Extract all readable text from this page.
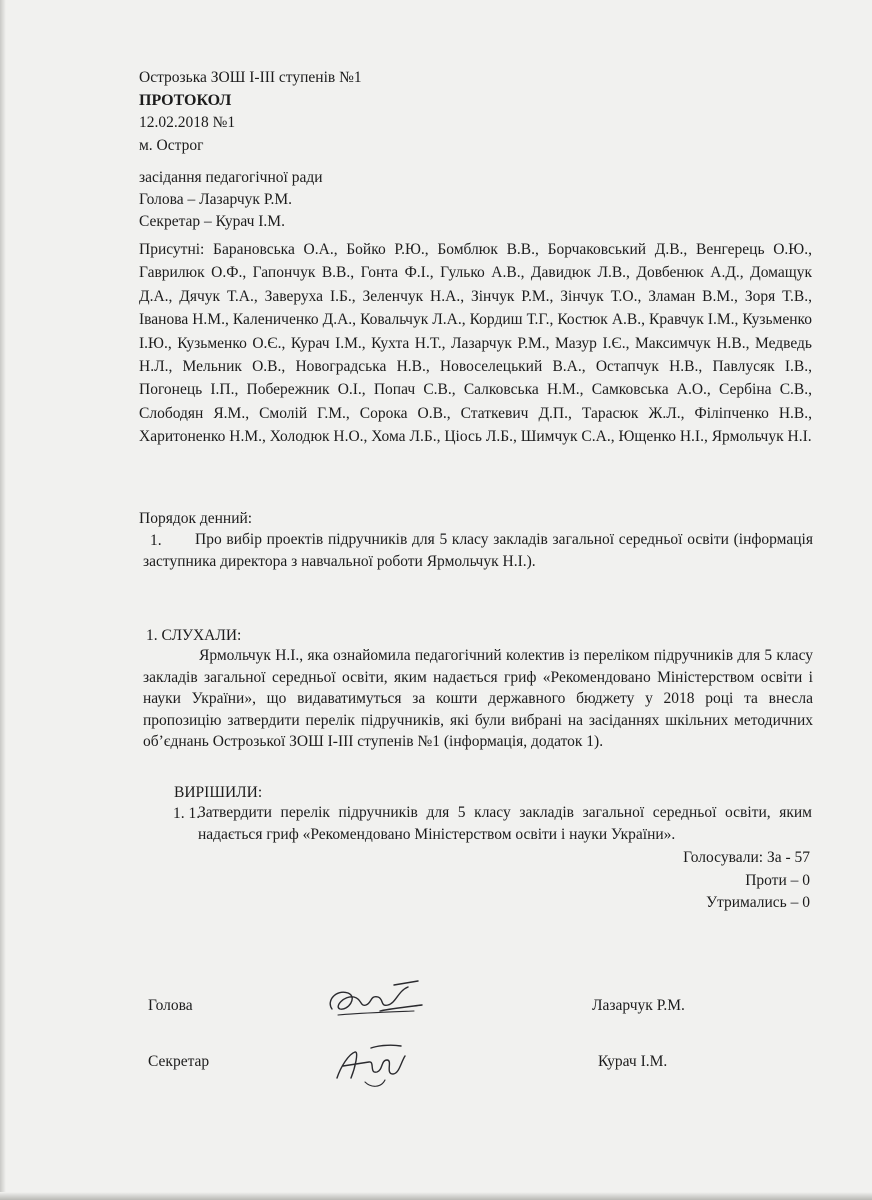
Острозька ЗОШ І-ІІІ ступенів №1
ПРОТОКОЛ
12.02.2018 №1
м. Острог
засідання педагогічної ради
Голова – Лазарчук Р.М.
Секретар – Курач І.М.
Присутні: Барановська О.А., Бойко Р.Ю., Бомблюк В.В., Борчаковський Д.В., Венгерець О.Ю., Гаврилюк О.Ф., Гапончук В.В., Гонта Ф.І., Гулько А.В., Давидюк Л.В., Довбенюк А.Д., Домащук Д.А., Дячук Т.А., Заверуха І.Б., Зеленчук Н.А., Зінчук Р.М., Зінчук Т.О., Зламан В.М., Зоря Т.В., Іванова Н.М., Калениченко Д.А., Ковальчук Л.А., Кордиш Т.Г., Костюк А.В., Кравчук І.М., Кузьменко І.Ю., Кузьменко О.Є., Курач І.М., Кухта Н.Т., Лазарчук Р.М., Мазур І.Є., Максимчук Н.В., Медведь Н.Л., Мельник О.В., Новоградська Н.В., Новоселецький В.А., Остапчук Н.В., Павлусяк І.В., Погонець І.П., Побережник О.І., Попач С.В., Салковська Н.М., Самковська А.О., Сербіна С.В., Слободян Я.М., Смолій Г.М., Сорока О.В., Статкевич Д.П., Тарасюк Ж.Л., Філіпченко Н.В., Харитоненко Н.М., Холодюк Н.О., Хома Л.Б., Ціось Л.Б., Шимчук С.А., Ющенко Н.І., Ярмольчук Н.І.
Порядок денний:
1.	Про вибір проектів підручників для 5 класу закладів загальної середньої освіти (інформація заступника директора з навчальної роботи Ярмольчук Н.І.).
1. СЛУХАЛИ:
Ярмольчук Н.І., яка ознайомила педагогічний колектив із переліком підручників для 5 класу закладів загальної середньої освіти, яким надається гриф «Рекомендовано Міністерством освіти і науки України», що видаватимуться за кошти державного бюджету у 2018 році та внесла пропозицію затвердити перелік підручників, які були вибрані на засіданнях шкільних методичних об’єднань Острозької ЗОШ І-ІІІ ступенів №1 (інформація, додаток 1).
ВИРІШИЛИ:
1. 1.
Затвердити перелік підручників для 5 класу закладів загальної середньої освіти, яким надається гриф «Рекомендовано Міністерством освіти і науки України».
Голосували: За - 57
Проти – 0
Утримались – 0
Голова	Лазарчук Р.М.
Секретар	Курач І.М.
